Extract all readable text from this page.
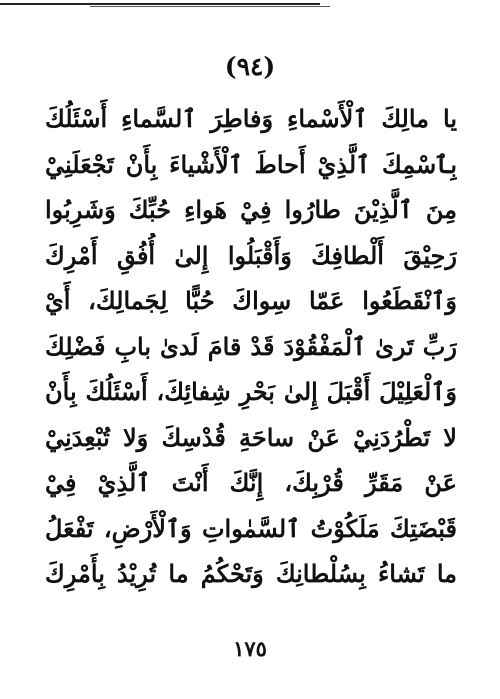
(٩٤)
يا مالِكَ ٱلْأَسْماءِ وَفاطِرَ ٱلسَّماءِ أَسْئَلُكَ
بِٱسْمِكَ ٱلَّذِيْ أَحاطَ ٱلْأَشْياءَ بِأَنْ تَجْعَلَنِيْ
مِنَ ٱلَّذِيْنَ طارُوا فِيْ هَواءِ حُبِّكَ وَشَرِبُوا
رَحِيْقَ أَلْطافِكَ وَأَقْبَلُوا إِلىٰ أُفُقِ أَمْرِكَ
وَٱنْقَطَعُوا عَمّا سِواكَ حُبًّا لِجَمالِكَ، أَيْ
رَبِّ تَرىٰ ٱلْمَفْقُوْدَ قَدْ قامَ لَدىٰ بابِ فَضْلِكَ
وَٱلْعَلِيْلَ أَقْبَلَ إِلىٰ بَحْرِ شِفائِكَ، أَسْئَلُكَ بِأَنْ
لا تَطْرُدَنِيْ عَنْ ساحَةِ قُدْسِكَ وَلا تُبْعِدَنِيْ
عَنْ مَقَرِّ قُرْبِكَ، إِنَّكَ أَنْتَ ٱلَّذِيْ فِيْ
قَبْضَتِكَ مَلَكُوْتُ ٱلسَّمٰواتِ وَٱلْأَرْضِ، تَفْعَلُ
ما تَشاءُ بِسُلْطانِكَ وَتَحْكُمُ ما تُرِيْدُ بِأَمْرِكَ
١٧٥
